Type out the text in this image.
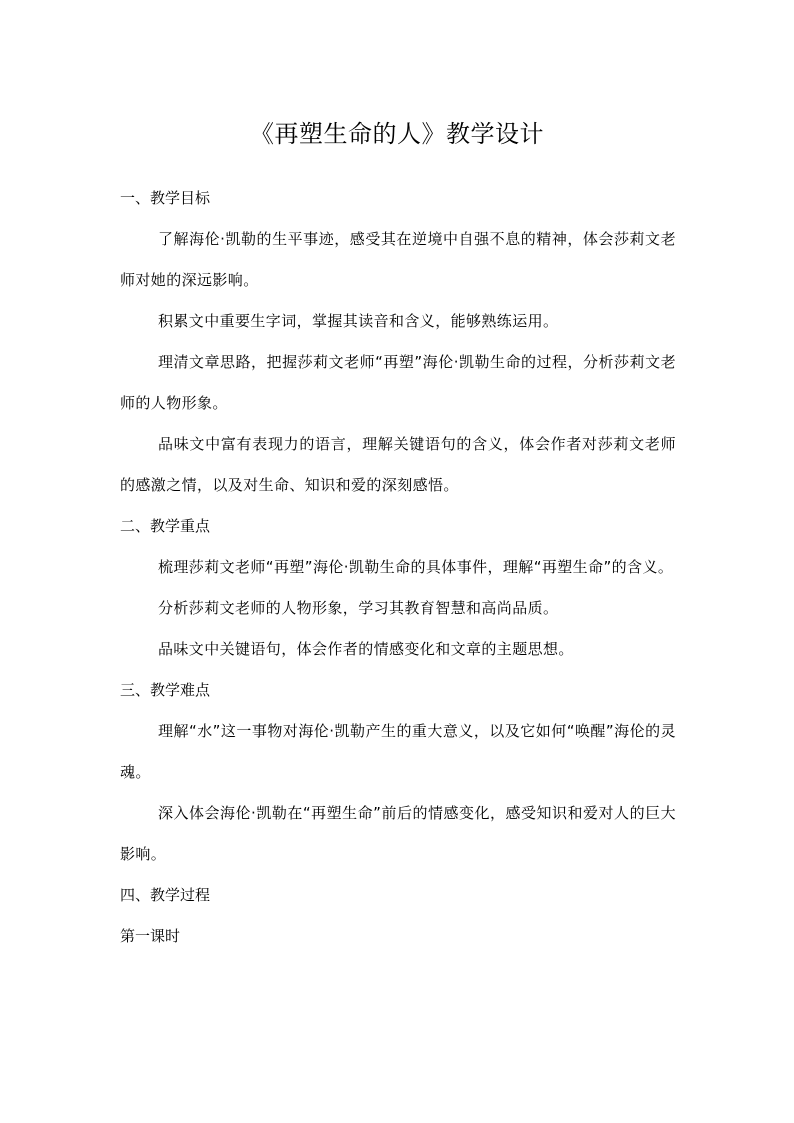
《再塑生命的人》教学设计
一、教学目标
了解海伦·凯勒的生平事迹，感受其在逆境中自强不息的精神，体会莎莉文老师对她的深远影响。
积累文中重要生字词，掌握其读音和含义，能够熟练运用。
理清文章思路，把握莎莉文老师“再塑”海伦·凯勒生命的过程，分析莎莉文老师的人物形象。
品味文中富有表现力的语言，理解关键语句的含义，体会作者对莎莉文老师的感激之情，以及对生命、知识和爱的深刻感悟。
二、教学重点
梳理莎莉文老师“再塑”海伦·凯勒生命的具体事件，理解“再塑生命”的含义。
分析莎莉文老师的人物形象，学习其教育智慧和高尚品质。
品味文中关键语句，体会作者的情感变化和文章的主题思想。
三、教学难点
理解“水”这一事物对海伦·凯勒产生的重大意义，以及它如何“唤醒”海伦的灵魂。
深入体会海伦·凯勒在“再塑生命”前后的情感变化，感受知识和爱对人的巨大影响。
四、教学过程
第一课时
